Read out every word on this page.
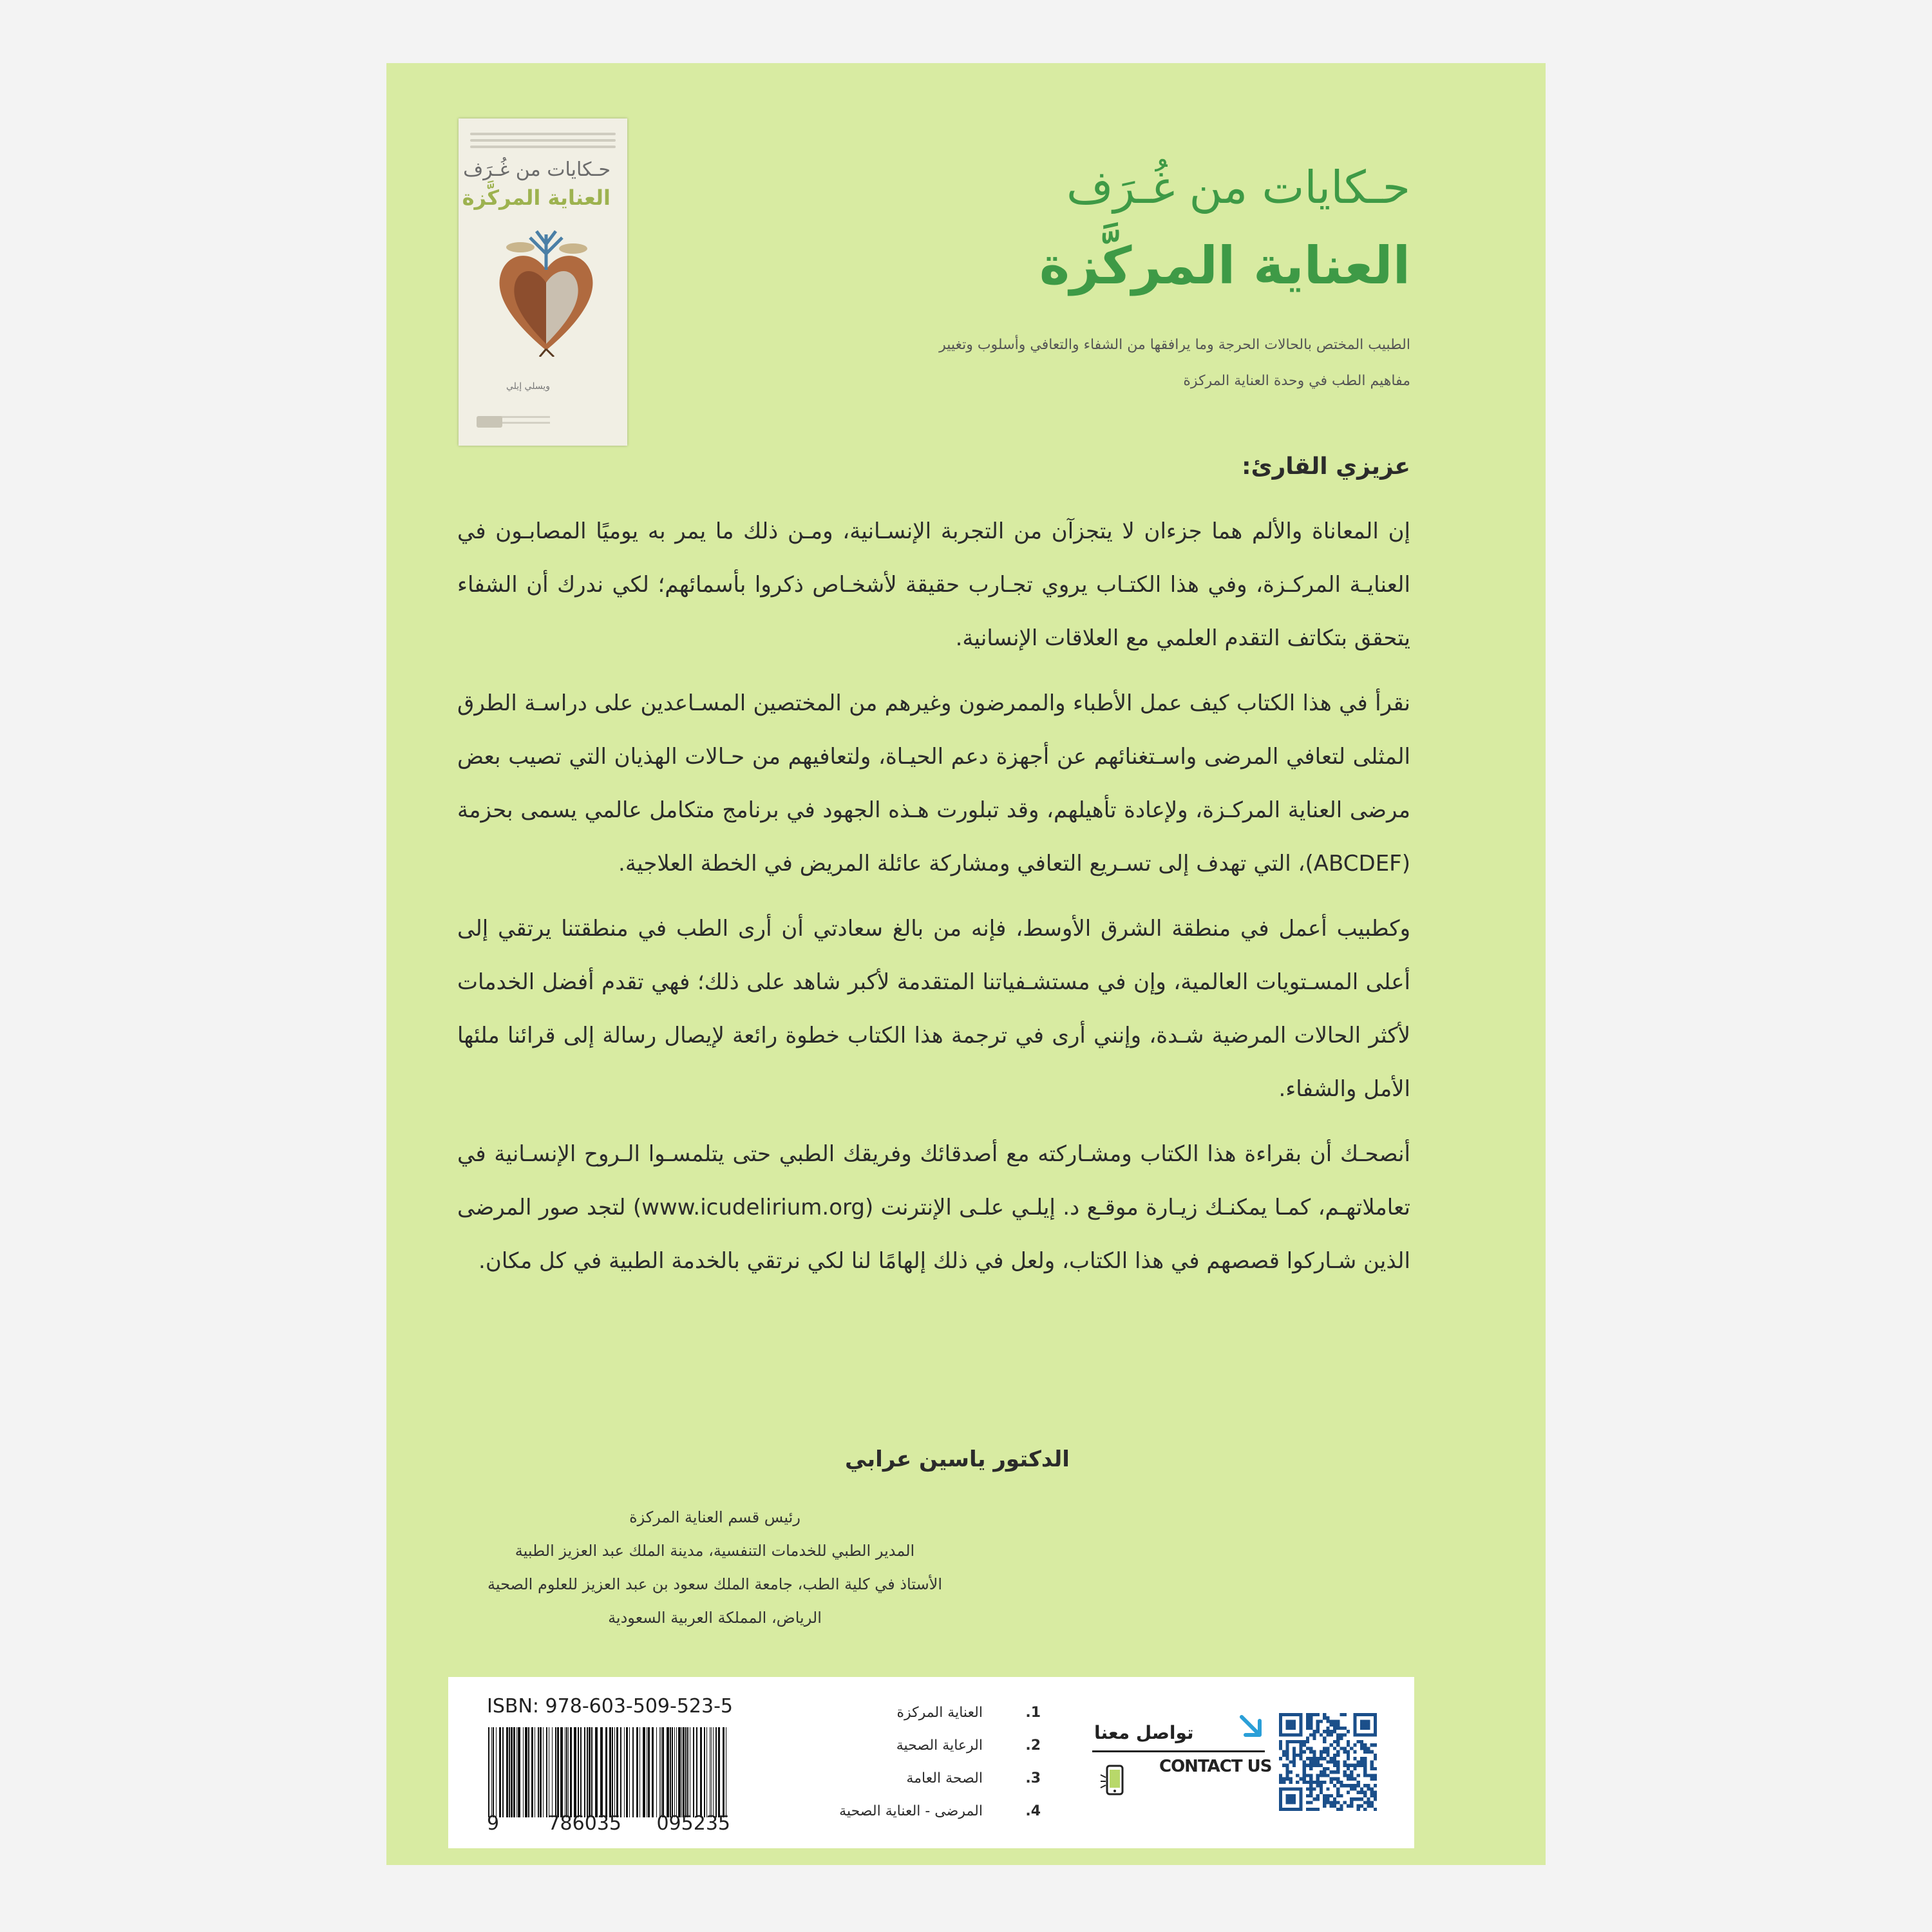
حـكايات من غُـرَف
العناية المركَّزة
ويسلي إيلي
حـكايات من غُـرَف
العناية المركَّزة
الطبيب المختص بالحالات الحرجة وما يرافقها من الشفاء والتعافي وأسلوب وتغيير مفاهيم الطب في وحدة العناية المركزة

عزيزي القارئ:

إن المعاناة والألم هما جزءان لا يتجزآن من التجربة الإنسـانية، ومـن ذلك ما يمر به يوميًا المصابـون في العنايـة المركـزة، وفي هذا الكتـاب يروي تجـارب حقيقة لأشخـاص ذكروا بأسمائهم؛ لكي ندرك أن الشفاء يتحقق بتكاتف التقدم العلمي مع العلاقات الإنسانية.

نقرأ في هذا الكتاب كيف عمل الأطباء والممرضون وغيرهم من المختصين المسـاعدين على دراسـة الطرق المثلى لتعافي المرضى واسـتغنائهم عن أجهزة دعم الحيـاة، ولتعافيهم من حـالات الهذيان التي تصيب بعض مرضى العناية المركـزة، ولإعادة تأهيلهم، وقد تبلورت هـذه الجهود في برنامج متكامل عالمي يسمى بحزمة (ABCDEF)، التي تهدف إلى تسـريع التعافي ومشاركة عائلة المريض في الخطة العلاجية.

وكطبيب أعمل في منطقة الشرق الأوسط، فإنه من بالغ سعادتي أن أرى الطب في منطقتنا يرتقي إلى أعلى المسـتويات العالمية، وإن في مستشـفياتنا المتقدمة لأكبر شاهد على ذلك؛ فهي تقدم أفضل الخدمات لأكثر الحالات المرضية شـدة، وإنني أرى في ترجمة هذا الكتاب خطوة رائعة لإيصال رسالة إلى قرائنا ملئها الأمل والشفاء.

أنصحـك أن بقراءة هذا الكتاب ومشـاركته مع أصدقائك وفريقك الطبي حتى يتلمسـوا الـروح الإنسـانية في تعاملاتهـم، كمـا يمكنـك زيـارة موقـع د. إيلـي علـى الإنترنت (www.icudelirium.org) لتجد صور المرضى الذين شـاركوا قصصهم في هذا الكتاب، ولعل في ذلك إلهامًا لنا لكي نرتقي بالخدمة الطبية في كل مكان.

الدكتور ياسين عرابي
رئيس قسم العناية المركزة
المدير الطبي للخدمات التنفسية، مدينة الملك عبد العزيز الطبية
الأستاذ في كلية الطب، جامعة الملك سعود بن عبد العزيز للعلوم الصحية
الرياض، المملكة العربية السعودية
ISBN: 978-603-509-523-5
9	786035 095235
1.
العناية المركزة
2.
الرعاية الصحية
3.
الصحة العامة
4.
المرضى - العناية الصحية
تواصل معنا
CONTACT US
